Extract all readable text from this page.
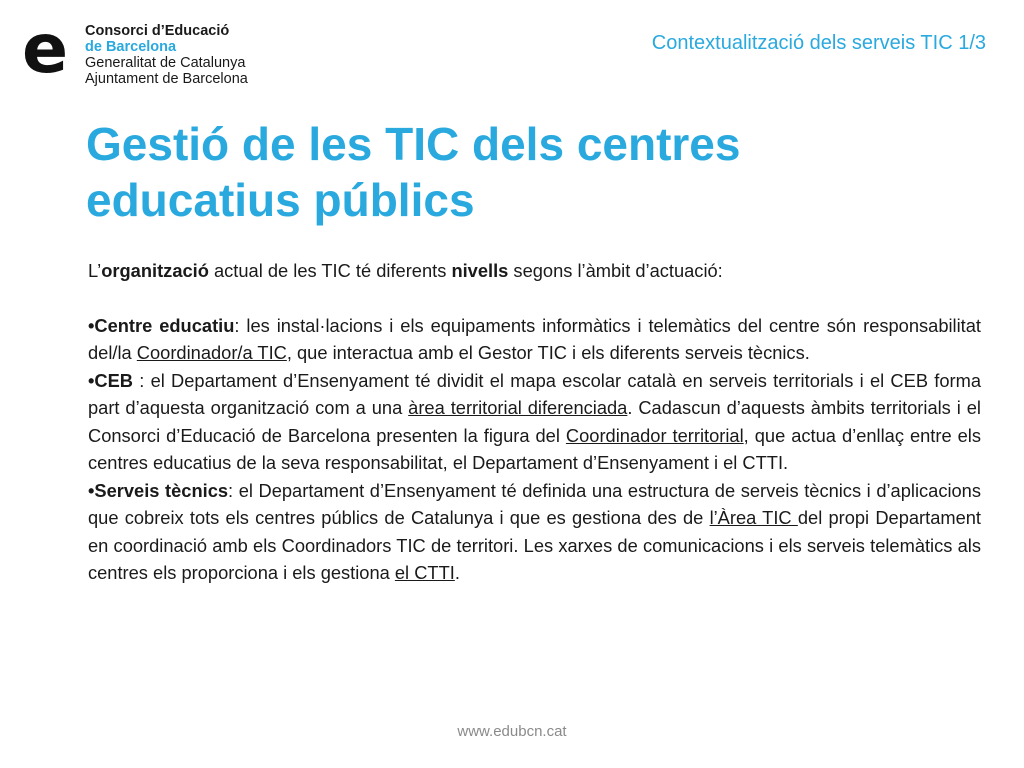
e Consorci d’Educació
de Barcelona
Generalitat de Catalunya
Ajuntament de Barcelona
Contextualització dels serveis TIC 1/3
Gestió de les TIC dels centres educatius públics

L’organització actual de les TIC té diferents nivells segons l’àmbit d’actuació:

•Centre educatiu: les instal·lacions i els equipaments informàtics i telemàtics del centre són responsabilitat del/la Coordinador/a TIC, que interactua amb el Gestor TIC i els diferents serveis tècnics.

•CEB : el Departament d’Ensenyament té dividit el mapa escolar català en serveis territorials i el CEB forma part d’aquesta organització com a una àrea territorial diferenciada. Cadascun d’aquests àmbits territorials i el Consorci d’Educació de Barcelona presenten la figura del Coordinador territorial, que actua d’enllaç entre els centres educatius de la seva responsabilitat, el Departament d’Ensenyament i el CTTI.

•Serveis tècnics: el Departament d’Ensenyament té definida una estructura de serveis tècnics i d’aplicacions que cobreix tots els centres públics de Catalunya i que es gestiona des de l’Àrea TIC del propi Departament en coordinació amb els Coordinadors TIC de territori. Les xarxes de comunicacions i els serveis telemàtics als centres els proporciona i els gestiona el CTTI.

www.edubcn.cat
